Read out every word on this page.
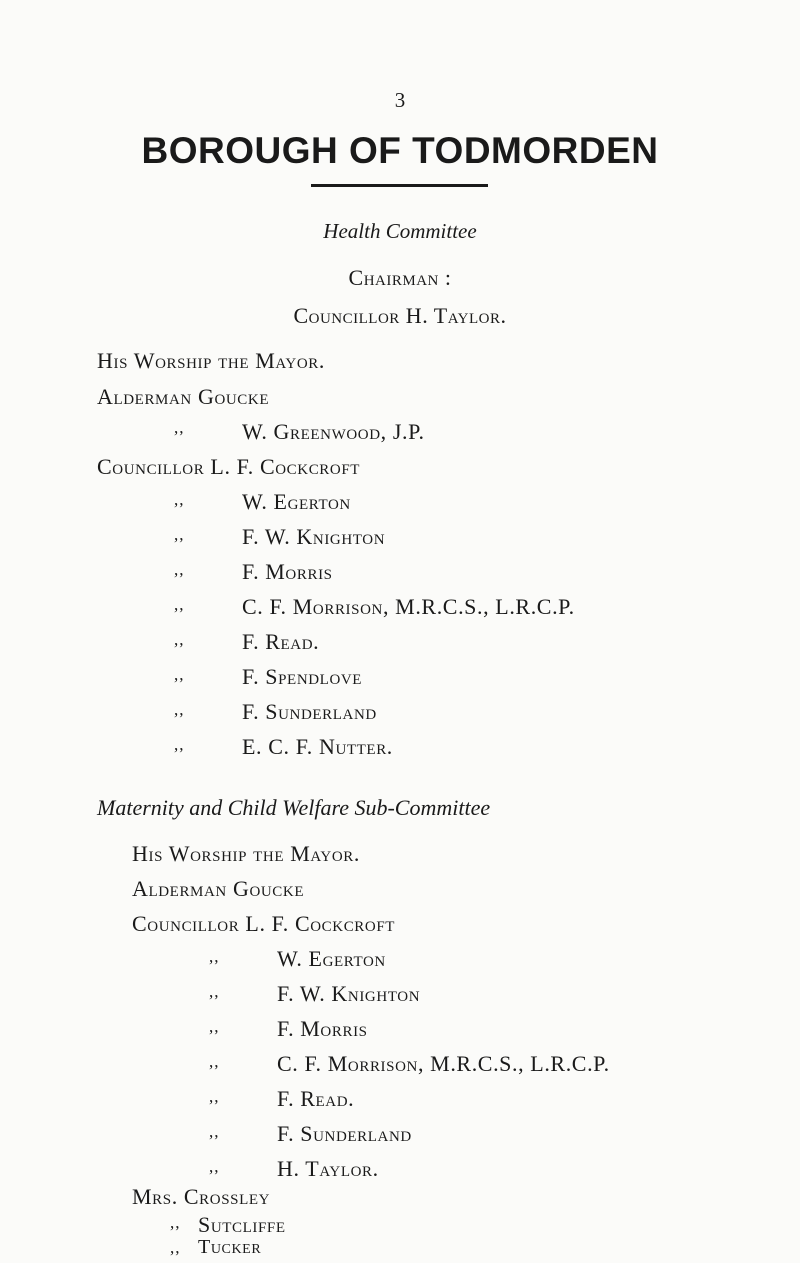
3
BOROUGH OF TODMORDEN
Health Committee
Chairman :
Councillor H. Taylor.
His Worship the Mayor.
Alderman Goucke
,,	W. Greenwood, J.P.
Councillor L. F. Cockcroft
,,	W. Egerton
,,	F. W. Knighton
,,	F. Morris
,,	C. F. Morrison, M.R.C.S., L.R.C.P.
,,	F. Read.
,,	F. Spendlove
,,	F. Sunderland
,,	E. C. F. Nutter.
Maternity and Child Welfare Sub-Committee
His Worship the Mayor.
Alderman Goucke
Councillor L. F. Cockcroft
,,	W. Egerton
,,	F. W. Knighton
,,	F. Morris
,,	C. F. Morrison, M.R.C.S., L.R.C.P.
,,	F. Read.
,,	F. Sunderland
,,	H. Taylor.
Mrs. Crossley
,, Sutcliffe
,, Tucker
